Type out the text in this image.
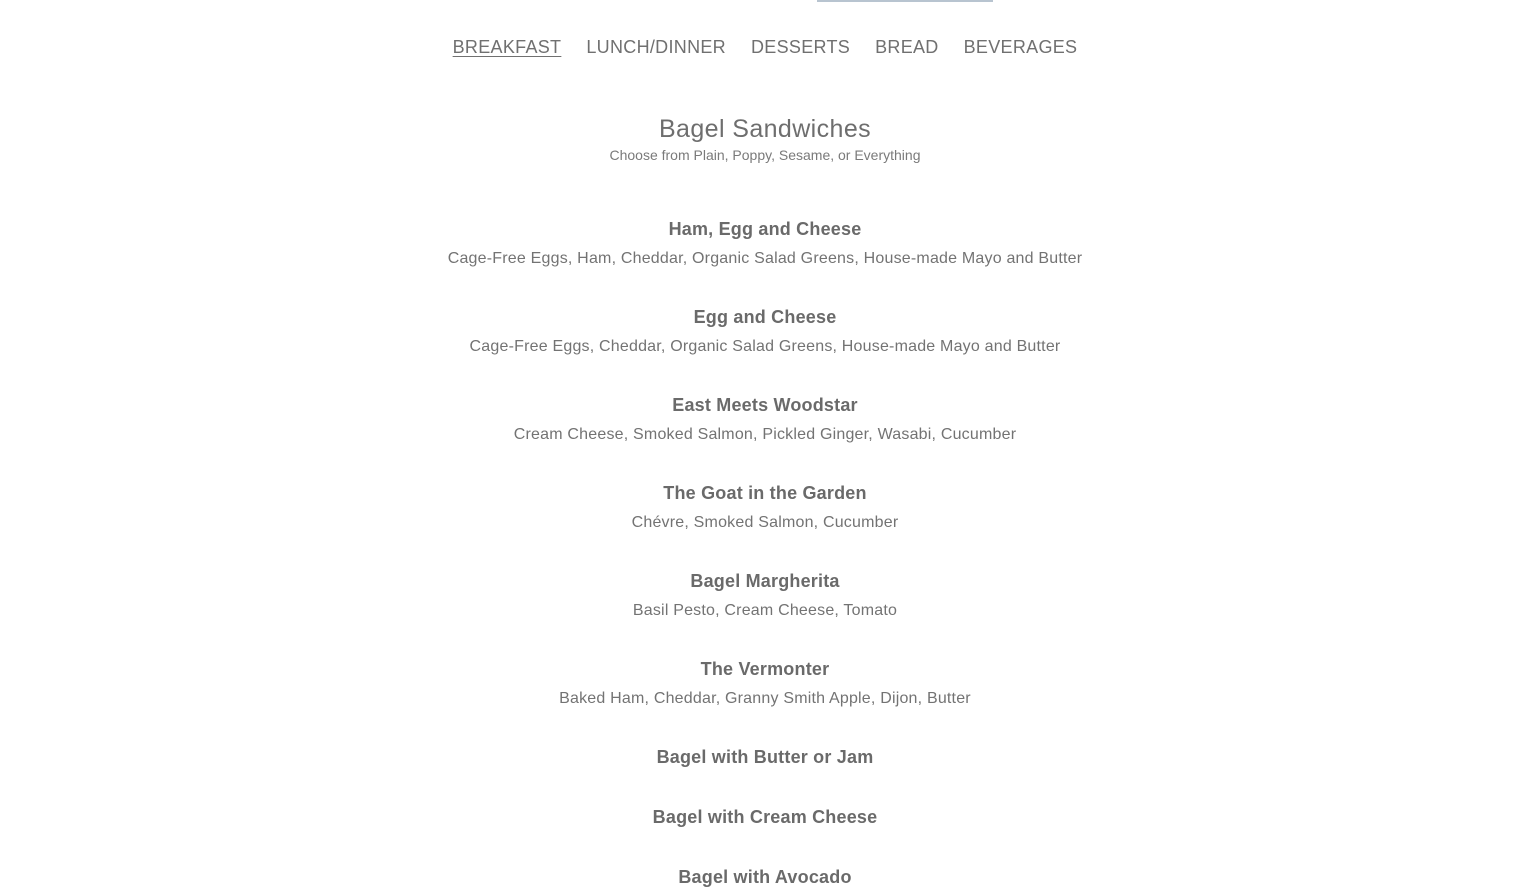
BREAKFAST LUNCH/DINNER DESSERTS BREAD BEVERAGES
Bagel Sandwiches
Choose from Plain, Poppy, Sesame, or Everything
Ham, Egg and Cheese
Cage-Free Eggs, Ham, Cheddar, Organic Salad Greens, House-made Mayo and Butter
Egg and Cheese
Cage-Free Eggs, Cheddar, Organic Salad Greens, House-made Mayo and Butter
East Meets Woodstar
Cream Cheese, Smoked Salmon, Pickled Ginger, Wasabi, Cucumber
The Goat in the Garden
Chévre, Smoked Salmon, Cucumber
Bagel Margherita
Basil Pesto, Cream Cheese, Tomato
The Vermonter
Baked Ham, Cheddar, Granny Smith Apple, Dijon, Butter
Bagel with Butter or Jam
Bagel with Cream Cheese
Bagel with Avocado
